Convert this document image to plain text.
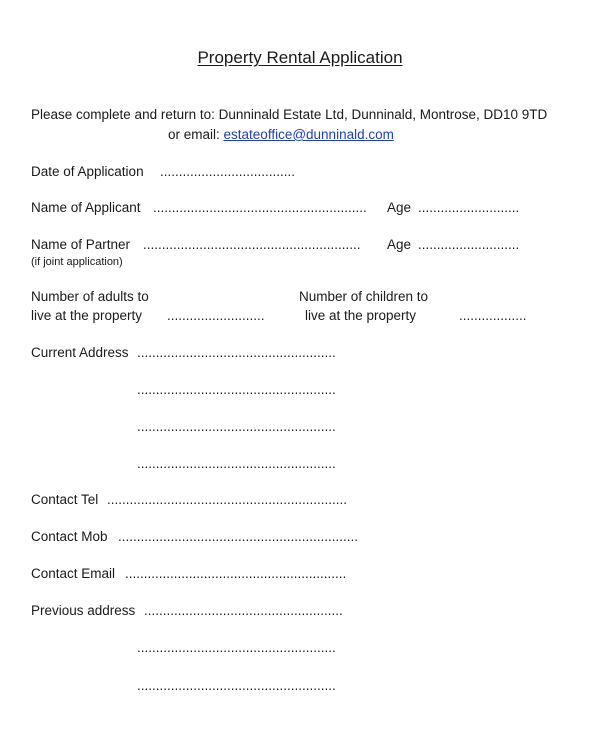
Property Rental Application
Please complete and return to: Dunninald Estate Ltd, Dunninald, Montrose, DD10 9TD
or email: estateoffice@dunninald.com
Date of Application ....................................
Name of Applicant ......................................................... Age ...........................
Name of Partner .......................................................... Age ...........................
(if joint application)
Number of adults to
live at the property ..........................
Number of children to
live at the property	..................
Current Address .....................................................
.....................................................
.....................................................
.....................................................
Contact Tel ................................................................
Contact Mob ................................................................
Contact Email ...........................................................
Previous address .....................................................
.....................................................
.....................................................
